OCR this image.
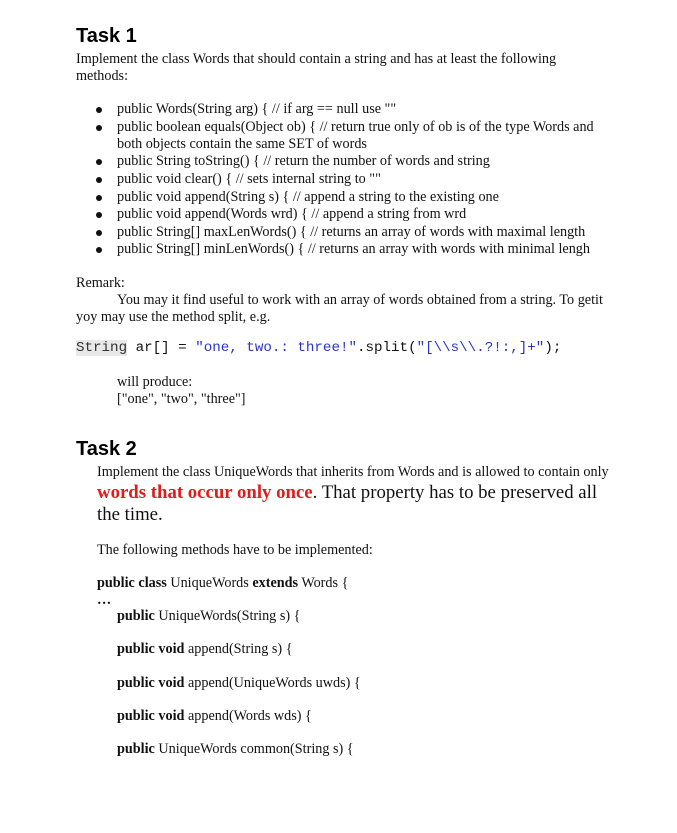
Task 1
Implement the class Words that should contain a string and has at least the following
methods:
public Words(String arg) { // if arg == null use ""
public boolean equals(Object ob) { // return true only of ob is of the type Words and
both objects contain the same SET of words
public String toString() { // return the number of words and string
public void clear() { // sets internal string to ""
public void append(String s) { // append a string to the existing one
public void append(Words wrd) { // append a string from wrd
public String[] maxLenWords() { // returns an array of words with maximal length
public String[] minLenWords() { // returns an array with words with minimal lengh
Remark:
You may it find useful to work with an array of words obtained from a string. To getit
yoy may use the method split, e.g.
String ar[] = "one, two.: three!".split("[\\s\\.?!:,]+");
will produce:
["one", "two", "three"]
Task 2
Implement the class UniqueWords that inherits from Words and is allowed to contain only
words that occur only once. That property has to be preserved all
the time.
The following methods have to be implemented:
public class UniqueWords extends Words {
…
public UniqueWords(String s) {
public void append(String s) {
public void append(UniqueWords uwds) {
public void append(Words wds) {
public UniqueWords common(String s) {
